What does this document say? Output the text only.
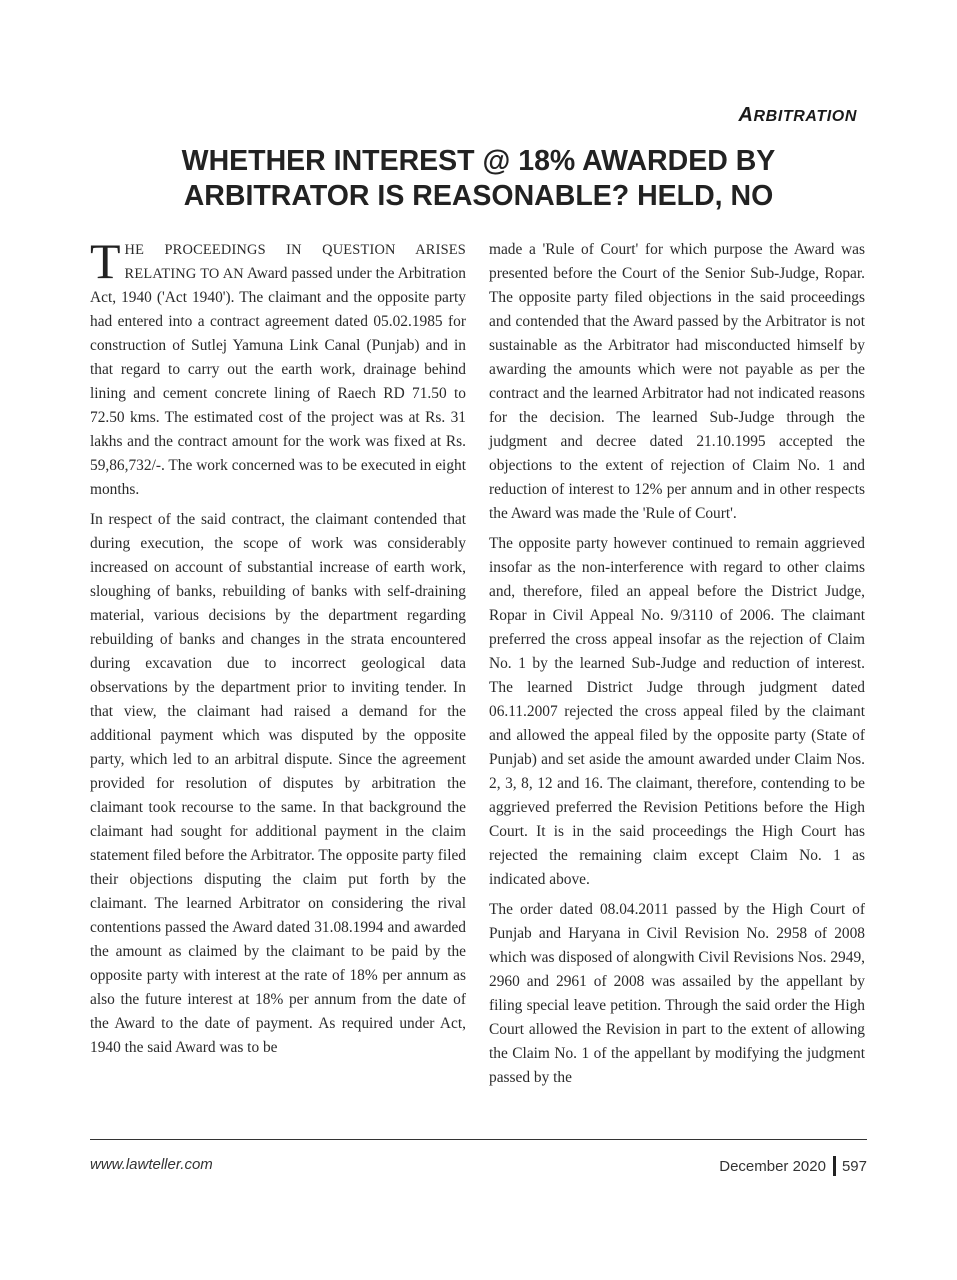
ARBITRATION
WHETHER INTEREST @ 18% AWARDED BY
ARBITRATOR IS REASONABLE? HELD, NO

THE PROCEEDINGS IN QUESTION ARISES RELATING TO AN Award passed under the Arbitration Act, 1940 ('Act 1940'). The claimant and the opposite party had entered into a contract agreement dated 05.02.1985 for construction of Sutlej Yamuna Link Canal (Punjab) and in that regard to carry out the earth work, drainage behind lining and cement concrete lining of Raech RD 71.50 to 72.50 kms. The estimated cost of the project was at Rs. 31 lakhs and the contract amount for the work was fixed at Rs. 59,86,732/-. The work concerned was to be executed in eight months.

In respect of the said contract, the claimant contended that during execution, the scope of work was considerably increased on account of substantial increase of earth work, sloughing of banks, rebuilding of banks with self-draining material, various decisions by the department regarding rebuilding of banks and changes in the strata encountered during excavation due to incorrect geological data observations by the department prior to inviting tender. In that view, the claimant had raised a demand for the additional payment which was disputed by the opposite party, which led to an arbitral dispute. Since the agreement provided for resolution of disputes by arbitration the claimant took recourse to the same. In that background the claimant had sought for additional payment in the claim statement filed before the Arbitrator. The opposite party filed their objections disputing the claim put forth by the claimant. The learned Arbitrator on considering the rival contentions passed the Award dated 31.08.1994 and awarded the amount as claimed by the claimant to be paid by the opposite party with interest at the rate of 18% per annum as also the future interest at 18% per annum from the date of the Award to the date of payment. As required under Act, 1940 the said Award was to be

made a 'Rule of Court' for which purpose the Award was presented before the Court of the Senior Sub-Judge, Ropar. The opposite party filed objections in the said proceedings and contended that the Award passed by the Arbitrator is not sustainable as the Arbitrator had misconducted himself by awarding the amounts which were not payable as per the contract and the learned Arbitrator had not indicated reasons for the decision. The learned Sub-Judge through the judgment and decree dated 21.10.1995 accepted the objections to the extent of rejection of Claim No. 1 and reduction of interest to 12% per annum and in other respects the Award was made the 'Rule of Court'.

The opposite party however continued to remain aggrieved insofar as the non-interference with regard to other claims and, therefore, filed an appeal before the District Judge, Ropar in Civil Appeal No. 9/3110 of 2006. The claimant preferred the cross appeal insofar as the rejection of Claim No. 1 by the learned Sub-Judge and reduction of interest. The learned District Judge through judgment dated 06.11.2007 rejected the cross appeal filed by the claimant and allowed the appeal filed by the opposite party (State of Punjab) and set aside the amount awarded under Claim Nos. 2, 3, 8, 12 and 16. The claimant, therefore, contending to be aggrieved preferred the Revision Petitions before the High Court. It is in the said proceedings the High Court has rejected the remaining claim except Claim No. 1 as indicated above.

The order dated 08.04.2011 passed by the High Court of Punjab and Haryana in Civil Revision No. 2958 of 2008 which was disposed of alongwith Civil Revisions Nos. 2949, 2960 and 2961 of 2008 was assailed by the appellant by filing special leave petition. Through the said order the High Court allowed the Revision in part to the extent of allowing the Claim No. 1 of the appellant by modifying the judgment passed by the

www.lawteller.com	December 2020 597
